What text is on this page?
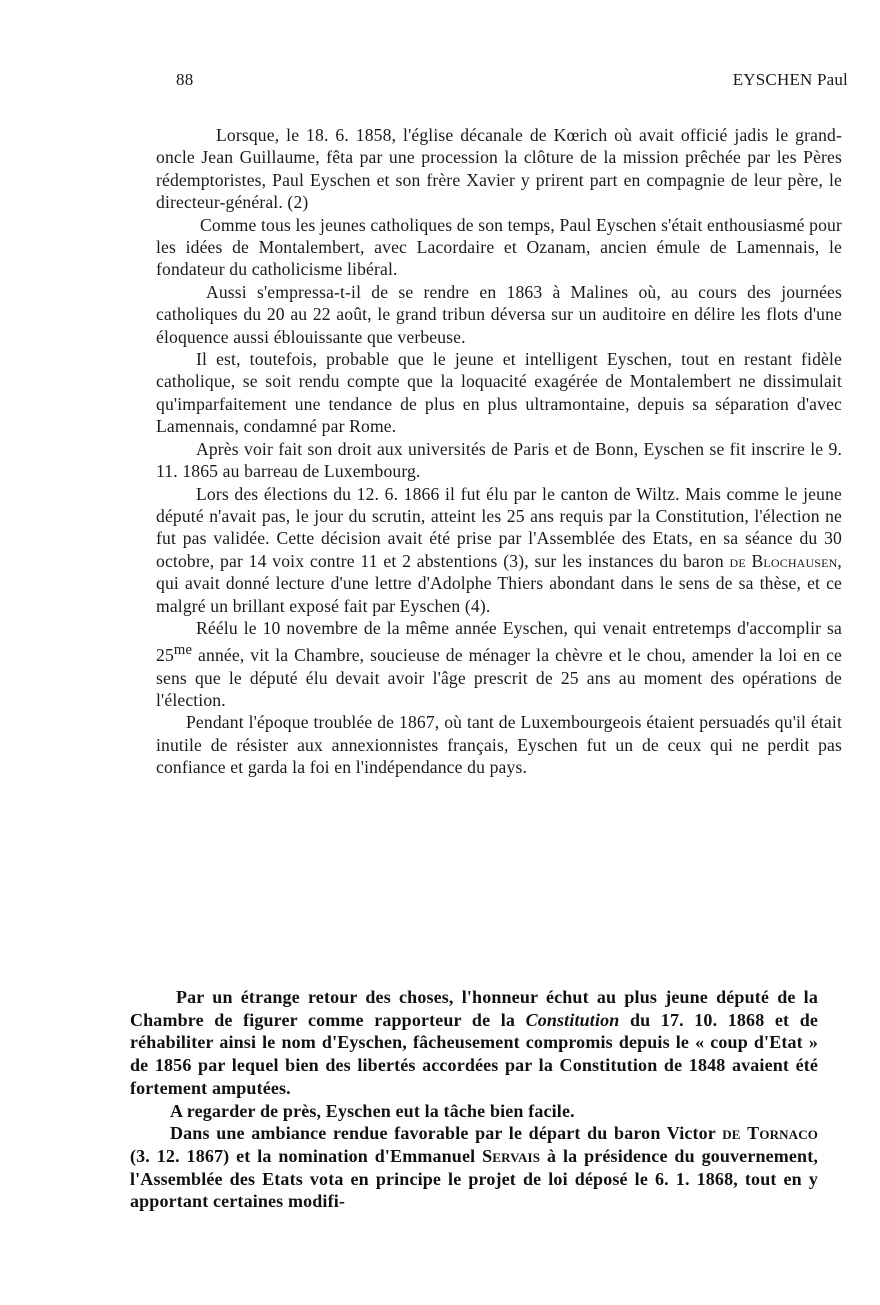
88	EYSCHEN Paul

Lorsque, le 18. 6. 1858, l'église décanale de Kœrich où avait officié jadis le grand-oncle Jean Guillaume, fêta par une procession la clôture de la mission prêchée par les Pères rédemptoristes, Paul Eyschen et son frère Xavier y prirent part en compagnie de leur père, le directeur-général. (2)

Comme tous les jeunes catholiques de son temps, Paul Eyschen s'était enthousiasmé pour les idées de Montalembert, avec Lacordaire et Ozanam, ancien émule de Lamennais, le fondateur du catholicisme libéral.

Aussi s'empressa-t-il de se rendre en 1863 à Malines où, au cours des journées catholiques du 20 au 22 août, le grand tribun déversa sur un auditoire en délire les flots d'une éloquence aussi éblouissante que verbeuse.

Il est, toutefois, probable que le jeune et intelligent Eyschen, tout en restant fidèle catholique, se soit rendu compte que la loquacité exagérée de Montalembert ne dissimulait qu'imparfaitement une tendance de plus en plus ultramontaine, depuis sa séparation d'avec Lamennais, condamné par Rome.

Après voir fait son droit aux universités de Paris et de Bonn, Eyschen se fit inscrire le 9. 11. 1865 au barreau de Luxembourg.

Lors des élections du 12. 6. 1866 il fut élu par le canton de Wiltz. Mais comme le jeune député n'avait pas, le jour du scrutin, atteint les 25 ans requis par la Constitution, l'élection ne fut pas validée. Cette décision avait été prise par l'Assemblée des Etats, en sa séance du 30 octobre, par 14 voix contre 11 et 2 abstentions (3), sur les instances du baron de Blochausen, qui avait donné lecture d'une lettre d'Adolphe Thiers abondant dans le sens de sa thèse, et ce malgré un brillant exposé fait par Eyschen (4).

Réélu le 10 novembre de la même année Eyschen, qui venait entretemps d'accomplir sa $25^{me}$ année, vit la Chambre, soucieuse de ménager la chèvre et le chou, amender la loi en ce sens que le député élu devait avoir l'âge prescrit de 25 ans au moment des opérations de l'élection.

Pendant l'époque troublée de 1867, où tant de Luxembourgeois étaient persuadés qu'il était inutile de résister aux annexionnistes français, Eyschen fut un de ceux qui ne perdit pas confiance et garda la foi en l'indépendance du pays.

Par un étrange retour des choses, l'honneur échut au plus jeune député de la Chambre de figurer comme rapporteur de la Constitution du 17. 10. 1868 et de réhabiliter ainsi le nom d'Eyschen, fâcheusement compromis depuis le « coup d'Etat » de 1856 par lequel bien des libertés accordées par la Constitution de 1848 avaient été fortement amputées.

A regarder de près, Eyschen eut la tâche bien facile.

Dans une ambiance rendue favorable par le départ du baron Victor de Tornaco (3. 12. 1867) et la nomination d'Emmanuel Servais à la présidence du gouvernement, l'Assemblée des Etats vota en principe le projet de loi déposé le 6. 1. 1868, tout en y apportant certaines modifi-
